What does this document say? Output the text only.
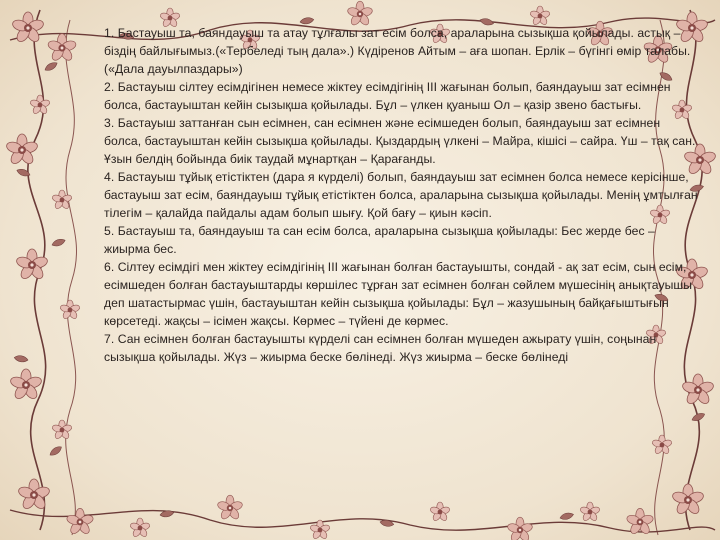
1. Бастауыш та, баяндауыш та атау тұлғалы зат есім болса, араларына сызықша қойылады. астық – біздің байлығымыз.(«Тербеледі тың дала».) Күдіренов Айтым – аға шопан. Ерлік – бүгінгі өмір талабы. («Дала дауылпаздары»)

2. Бастауыш сілтеу есімдігінен немесе жіктеу есімдігінің ІІІ жағынан болып, баяндауыш зат есімнен болса, бастауыштан кейін сызықша қойылады. Бұл – үлкен қуаныш Ол – қазір звено бастығы.

3. Бастауыш заттанған сын есімнен, сан есімнен және есімшеден болып, баяндауыш зат есімнен болса, бастауыштан кейін сызықша қойылады. Қыздардың үлкені – Майра, кішісі – сайра. Үш – тақ сан. Ұзын белдің бойында биік таудай мұнартқан – Қарағанды.

4. Бастауыш тұйық етістіктен (дара я күрделі) болып, баяндауыш зат есімнен болса немесе керісінше, бастауыш зат есім, баяндауыш тұйық етістіктен болса, араларына сызықша қойылады. Менің ұмтылған тілегім – қалайда пайдалы адам болып шығу. Қой бағу – қиын кәсіп.

5. Бастауыш та, баяндауыш та сан есім болса, араларына сызықша қойылады: Бес жерде бес – жиырма бес.

6. Сілтеу есімдігі мен жіктеу есімдігінің ІІІ жағынан болған бастауышты, сондай - ақ зат есім, сын есім, есімшеден болған бастауыштарды көршілес тұрған зат есімнен болған сөйлем мүшесінің анықтауышы деп шатастырмас үшін, бастауыштан кейін сызықша қойылады: Бұл – жазушының байқағыштығын көрсетеді. жақсы – ісімен жақсы. Көрмес – түйені де көрмес.

7. Сан есімнен болған бастауышты күрделі сан есімнен болған мүшеден ажырату үшін, соңынан сызықша қойылады. Жүз – жиырма беске бөлінеді. Жүз жиырма – беске бөлінеді
